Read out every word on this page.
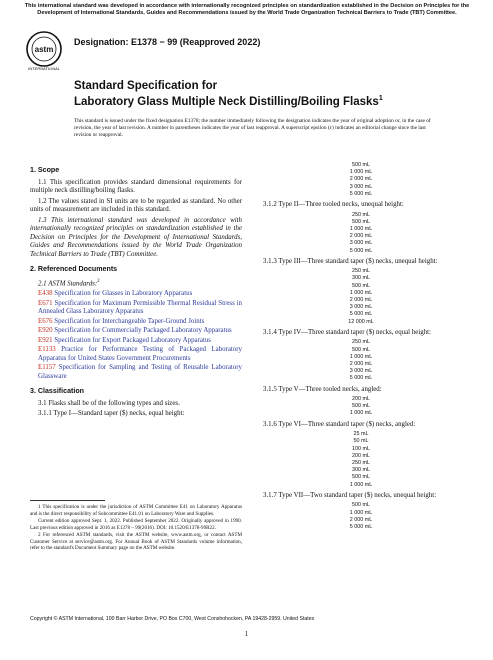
This international standard was developed in accordance with internationally recognized principles on standardization established in the Decision on Principles for the Development of International Standards, Guides and Recommendations issued by the World Trade Organization Technical Barriers to Trade (TBT) Committee.
astm
INTERNATIONAL
Designation: E1378 − 99 (Reapproved 2022)
Standard Specification for
Laboratory Glass Multiple Neck Distilling/Boiling Flasks$^1$
This standard is issued under the fixed designation E1378; the number immediately following the designation indicates the year of original adoption or, in the case of revision, the year of last revision. A number in parentheses indicates the year of last reapproval. A superscript epsilon (ε) indicates an editorial change since the last revision or reapproval.
1. Scope
1.1 This specification provides standard dimensional requirements for multiple neck distilling/boiling flasks.
1.2 The values stated in SI units are to be regarded as standard. No other units of measurement are included in this standard.
1.3 This international standard was developed in accordance with internationally recognized principles on standardization established in the Decision on Principles for the Development of International Standards, Guides and Recommendations issued by the World Trade Organization Technical Barriers to Trade (TBT) Committee.
2. Referenced Documents
2.1 ASTM Standards:$^2$
E438 Specification for Glasses in Laboratory Apparatus
E671 Specification for Maximum Permissible Thermal Residual Stress in Annealed Glass Laboratory Apparatus
E676 Specification for Interchangeable Taper-Ground Joints
E920 Specification for Commercially Packaged Laboratory Apparatus
E921 Specification for Export Packaged Laboratory Apparatus
E1133 Practice for Performance Testing of Packaged Laboratory Apparatus for United States Government Procurements
E1157 Specification for Sampling and Testing of Reusable Laboratory Glassware
3. Classification
3.1 Flasks shall be of the following types and sizes.
3.1.1 Type I—Standard taper ($) necks, equal height:
1 This specification is under the jurisdiction of ASTM Committee E41 on Laboratory Apparatus and is the direct responsibility of Subcommittee E41.01 on Laboratory Ware and Supplies.
Current edition approved Sept. 1, 2022. Published September 2022. Originally approved in 1990. Last previous edition approved in 2016 as E1378 – 99(2016). DOI: 10.1520/E1378-99R22.
2 For referenced ASTM standards, visit the ASTM website, www.astm.org, or contact ASTM Customer Service at service@astm.org. For Annual Book of ASTM Standards volume information, refer to the standard's Document Summary page on the ASTM website.
500 mL
1 000 mL
2 000 mL
3 000 mL
5 000 mL
3.1.2 Type II—Three tooled necks, unequal height:
250 mL
500 mL
1 000 mL
2 000 mL
3 000 mL
5 000 mL
3.1.3 Type III—Three standard taper ($) necks, unequal height:
250 mL
300 mL
500 mL
1 000 mL
2 000 mL
3 000 mL
5 000 mL
12 000 mL
3.1.4 Type IV—Three standard taper ($) necks, equal height:
250 mL
500 mL
1 000 mL
2 000 mL
3 000 mL
5 000 mL
3.1.5 Type V—Three tooled necks, angled:
200 mL
500 mL
1 000 mL
3.1.6 Type VI—Three standard taper ($) necks, angled:
25 mL
50 mL
100 mL
200 mL
250 mL
300 mL
500 mL
1 000 mL
3.1.7 Type VII—Two standard taper ($) necks, unequal height:
500 mL
1 000 mL
2 000 mL
5 000 mL
Copyright © ASTM International, 100 Barr Harbor Drive, PO Box C700, West Conshohocken, PA 19428-2959. United States
1
